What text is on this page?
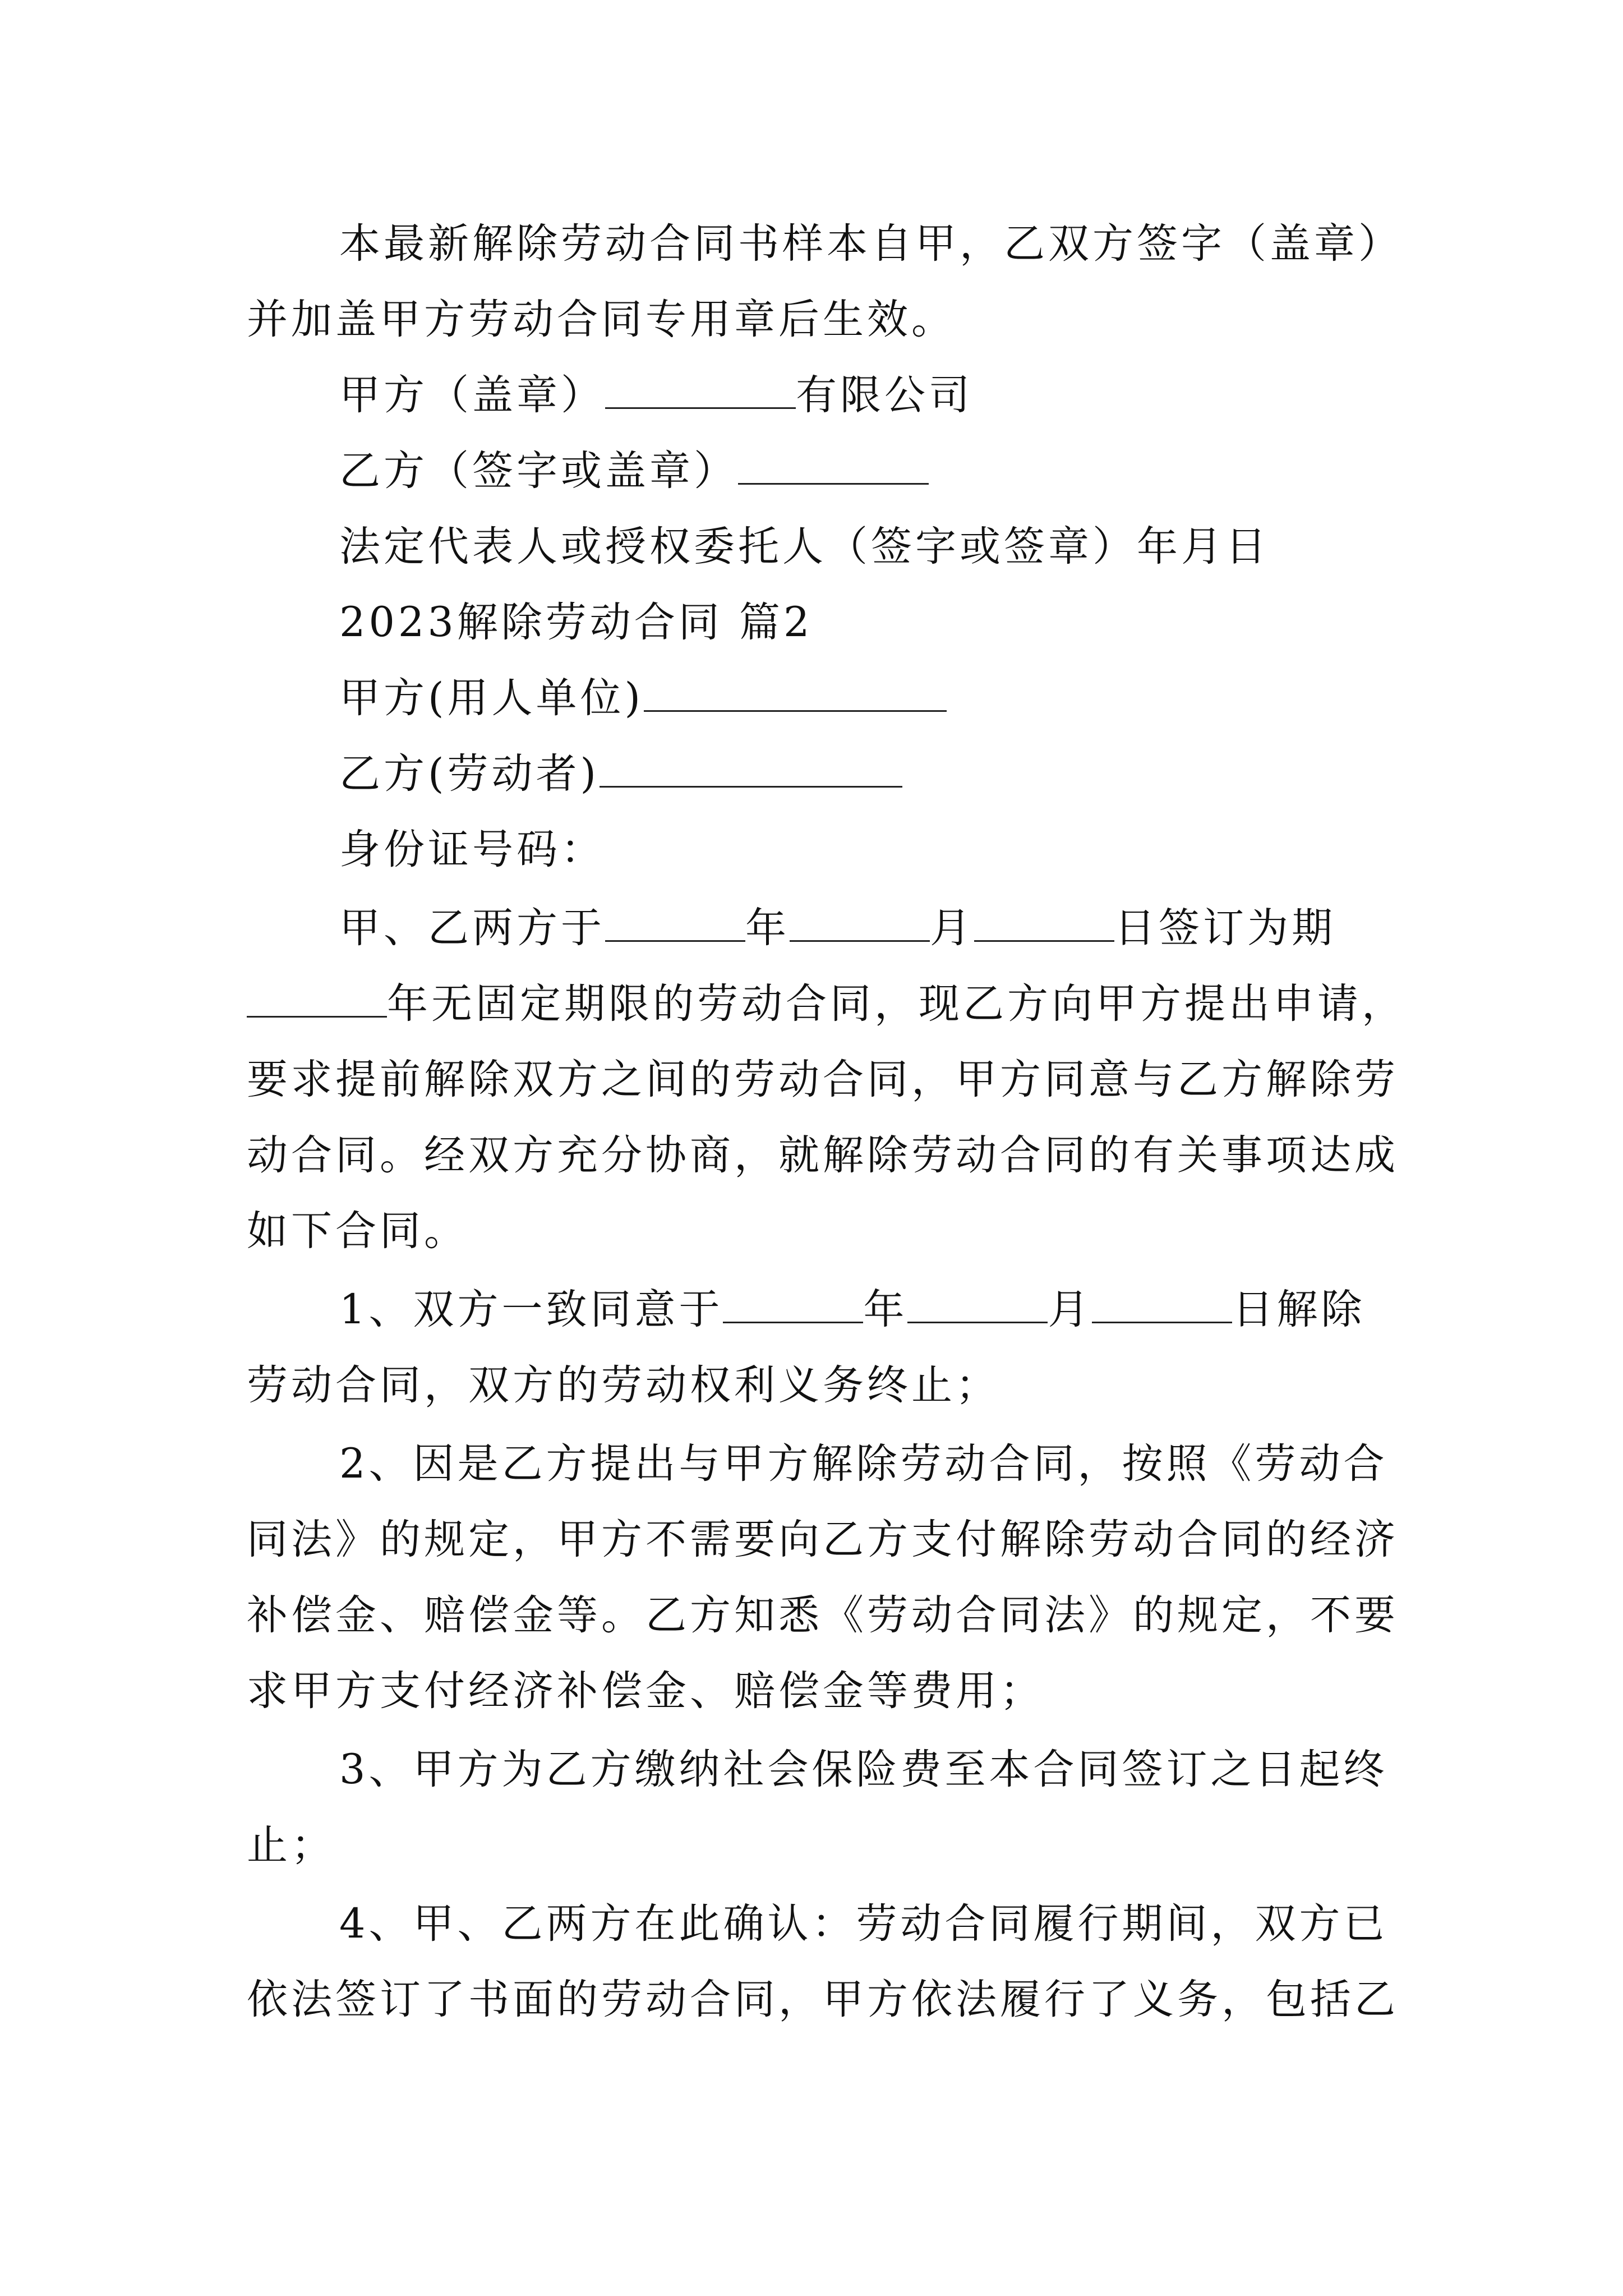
本最新解除劳动合同书样本自甲，乙双方签字（盖章）
并加盖甲方劳动合同专用章后生效。
甲方（盖章）	有限公司
乙方（签字或盖章）
法定代表人或授权委托人（签字或签章）年月日
2023解除劳动合同 篇2
甲方(用人单位)
乙方(劳动者)
身份证号码：
甲、乙两方于	年	月	日签订为期
年无固定期限的劳动合同，现乙方向甲方提出申请，
要求提前解除双方之间的劳动合同，甲方同意与乙方解除劳
动合同。经双方充分协商，就解除劳动合同的有关事项达成
如下合同。
1、双方一致同意于	年	月	日解除
劳动合同，双方的劳动权利义务终止；
2、因是乙方提出与甲方解除劳动合同，按照《劳动合
同法》的规定，甲方不需要向乙方支付解除劳动合同的经济
补偿金、赔偿金等。乙方知悉《劳动合同法》的规定，不要
求甲方支付经济补偿金、赔偿金等费用；
3、甲方为乙方缴纳社会保险费至本合同签订之日起终
止；
4、甲、乙两方在此确认：劳动合同履行期间，双方已
依法签订了书面的劳动合同，甲方依法履行了义务，包括乙
